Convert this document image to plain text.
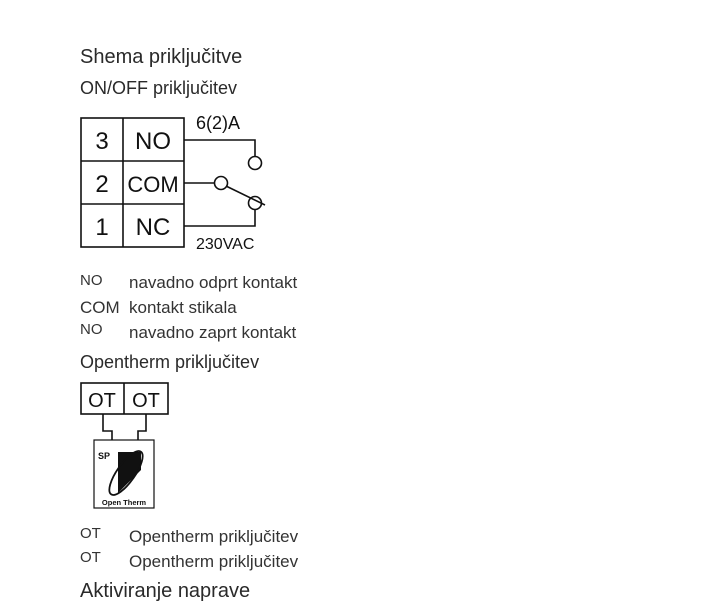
Shema priključitve
ON/OFF priključitev
3 NO
2 COM
1 NC
6(2)A
230VAC
OT OT
SP
Open Therm
NO navadno odprt kontakt
COM kontakt stikala
NO navadno zaprt kontakt
Opentherm priključitev
OT Opentherm priključitev
OT Opentherm priključitev
Aktiviranje naprave
